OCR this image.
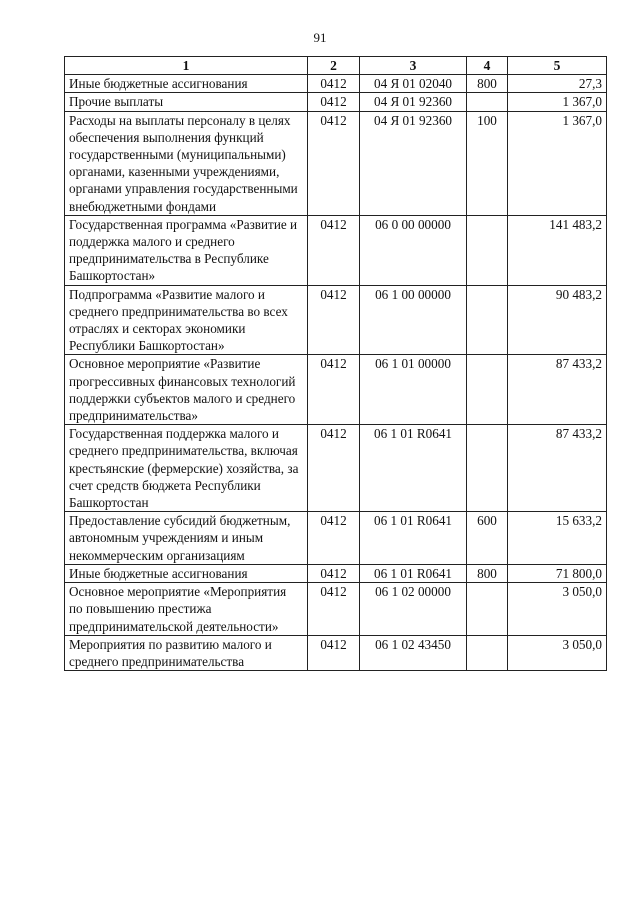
91
1	2	3	4	5
Иные бюджетные ассигнования	0412	04 Я 01 02040	800	27,3
Прочие выплаты	0412	04 Я 01 92360		1 367,0
Расходы на выплаты персоналу в целях обеспечения выполнения функций государственными (муниципальными) органами, казенными учреждениями, органами управления государственными внебюджетными фондами	0412	04 Я 01 92360	100	1 367,0
Государственная программа «Развитие и поддержка малого и среднего предпринимательства в Республике Башкортостан»	0412	06 0 00 00000		141 483,2
Подпрограмма «Развитие малого и среднего предпринимательства во всех отраслях и секторах экономики Республики Башкортостан»	0412	06 1 00 00000		90 483,2
Основное мероприятие «Развитие прогрессивных финансовых технологий поддержки субъектов малого и среднего предпринимательства»	0412	06 1 01 00000		87 433,2
Государственная поддержка малого и среднего предпринимательства, включая крестьянские (фермерские) хозяйства, за счет средств бюджета Республики Башкортостан	0412	06 1 01 R0641		87 433,2
Предоставление субсидий бюджетным, автономным учреждениям и иным некоммерческим организациям	0412	06 1 01 R0641	600	15 633,2
Иные бюджетные ассигнования	0412	06 1 01 R0641	800	71 800,0
Основное мероприятие «Мероприятия по повышению престижа предпринимательской деятельности»	0412	06 1 02 00000		3 050,0
Мероприятия по развитию малого и среднего предпринимательства	0412	06 1 02 43450		3 050,0
